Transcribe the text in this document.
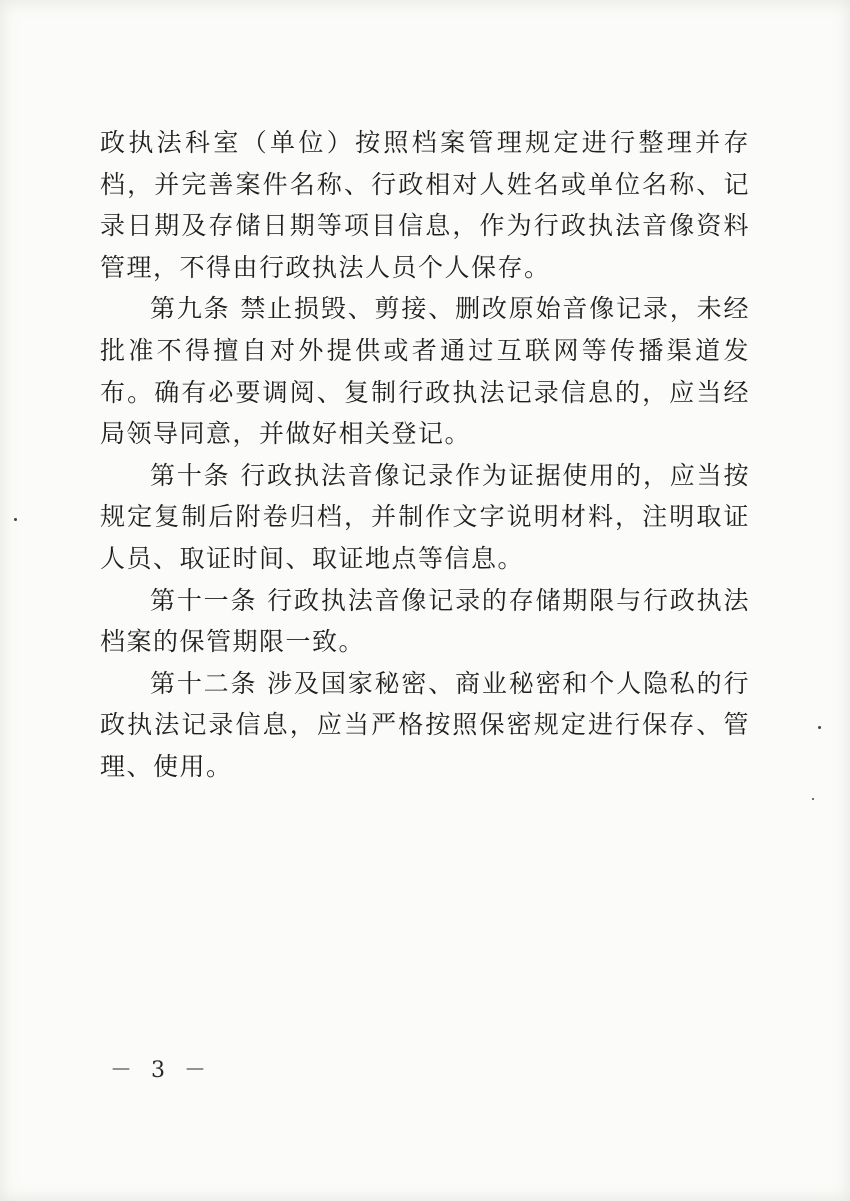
政执法科室（单位）按照档案管理规定进行整理并存档，并完善案件名称、行政相对人姓名或单位名称、记录日期及存储日期等项目信息，作为行政执法音像资料管理，不得由行政执法人员个人保存。

第九条 禁止损毁、剪接、删改原始音像记录，未经批准不得擅自对外提供或者通过互联网等传播渠道发布。确有必要调阅、复制行政执法记录信息的，应当经局领导同意，并做好相关登记。

第十条 行政执法音像记录作为证据使用的，应当按规定复制后附卷归档，并制作文字说明材料，注明取证人员、取证时间、取证地点等信息。

第十一条 行政执法音像记录的存储期限与行政执法档案的保管期限一致。

第十二条 涉及国家秘密、商业秘密和个人隐私的行政执法记录信息，应当严格按照保密规定进行保存、管理、使用。

－ 3 －
